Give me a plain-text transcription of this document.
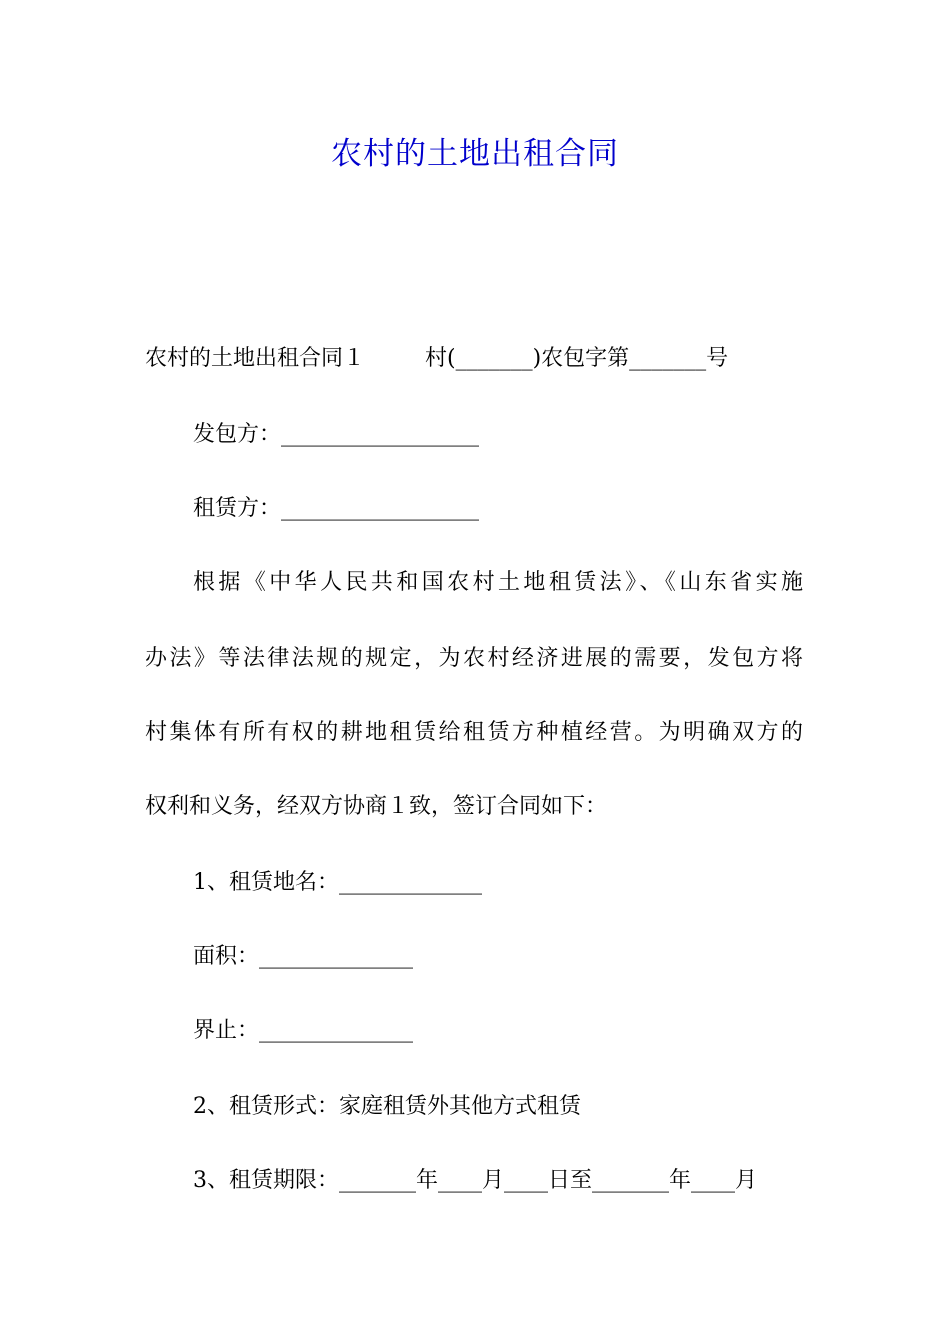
农村的土地出租合同

农村的土地出租合同１	村(_______)农包字第_______号

发包方：__________________

租赁方：__________________

根据《中华人民共和国农村土地租赁法》、《山东省实施

办法》等法律法规的规定，为农村经济进展的需要，发包方将

村集体有所有权的耕地租赁给租赁方种植经营。为明确双方的

权利和义务，经双方协商１致，签订合同如下：

1、租赁地名：_____________

面积：______________

界止：______________

2、租赁形式：家庭租赁外其他方式租赁

3、租赁期限：_______年____月____日至_______年____月
